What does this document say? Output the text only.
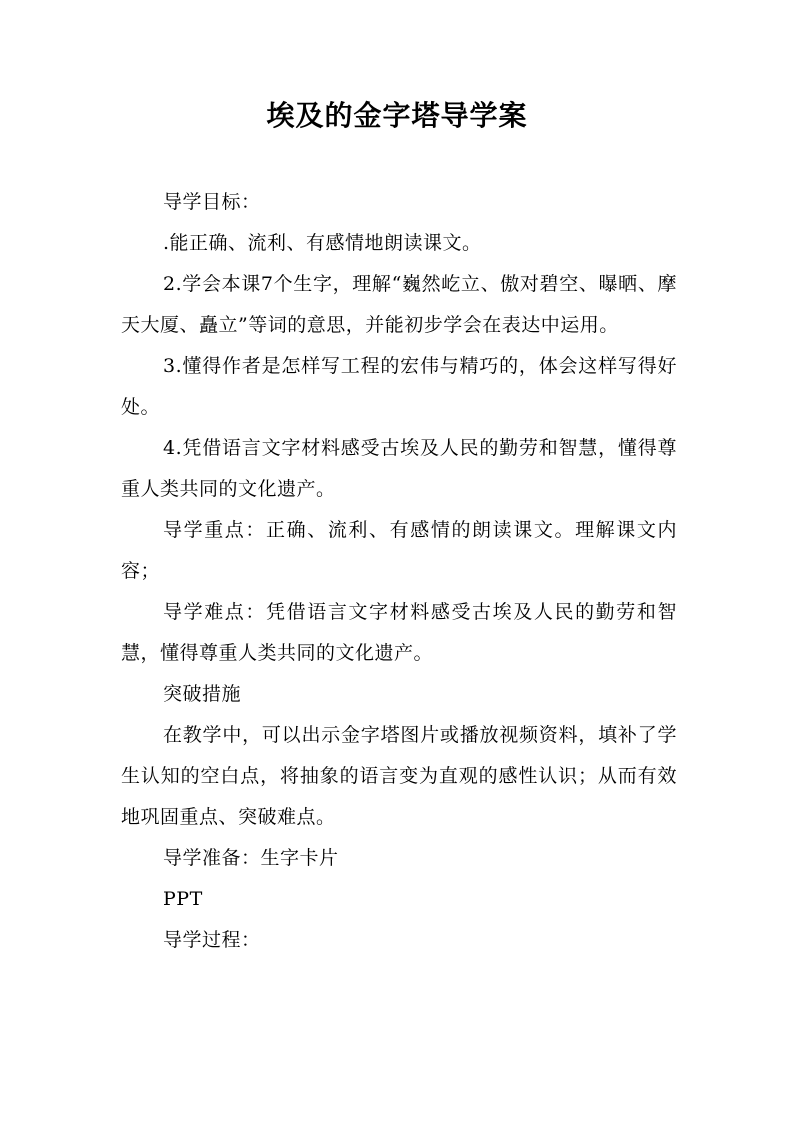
埃及的金字塔导学案

导学目标：

.能正确、流利、有感情地朗读课文。

2.学会本课7个生字，理解“巍然屹立、傲对碧空、曝晒、摩天大厦、矗立”等词的意思，并能初步学会在表达中运用。

3.懂得作者是怎样写工程的宏伟与精巧的，体会这样写得好处。

4.凭借语言文字材料感受古埃及人民的勤劳和智慧，懂得尊重人类共同的文化遗产。

导学重点：正确、流利、有感情的朗读课文。理解课文内容；

导学难点：凭借语言文字材料感受古埃及人民的勤劳和智慧，懂得尊重人类共同的文化遗产。

突破措施

在教学中，可以出示金字塔图片或播放视频资料，填补了学生认知的空白点，将抽象的语言变为直观的感性认识；从而有效地巩固重点、突破难点。

导学准备：生字卡片

PPT

导学过程：
